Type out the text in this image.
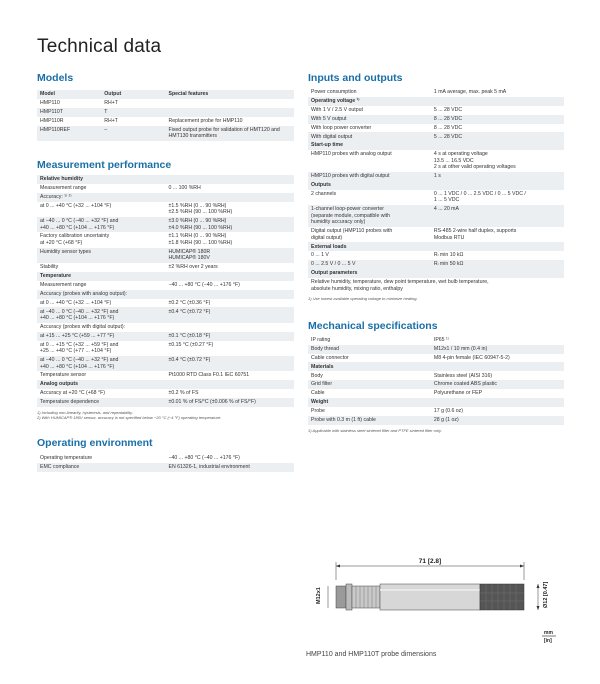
Technical data
Models
Model	Output	Special features
HMP110	RH+T	
HMP110T	T	
HMP110R	RH+T	Replacement probe for HMP110
HMP110REF	–	Fixed output probe for validation of HMT120 and HMT130 transmitters
Measurement performance
Relative humidity	
Measurement range	0 ... 100 %RH
Accuracy: ¹⁾ ²⁾	
at 0 ... +40 °C (+32 ... +104 °F)	±1.5 %RH (0 ... 90 %RH)
±2.5 %RH (90 ... 100 %RH)
at −40 ... 0 °C (−40 ... +32 °F) and
+40 ... +80 °C (+104 ... +176 °F)	±3.0 %RH (0 ... 90 %RH)
±4.0 %RH (90 ... 100 %RH)
Factory calibration uncertainty
at +20 °C (+68 °F)	±1.1 %RH (0 ... 90 %RH)
±1.8 %RH (90 ... 100 %RH)
Humidity sensor types	HUMICAP® 180R
HUMICAP® 180V
Stability	±2 %RH over 2 years
Temperature	
Measurement range	−40 ... +80 °C (−40 ... +176 °F)
Accuracy (probes with analog output):	
at 0 ... +40 °C (+32 ... +104 °F)	±0.2 °C (±0.36 °F)
at −40 ... 0 °C (−40 ... +32 °F) and
+40 ... +80 °C (+104 ... +176 °F)	±0.4 °C (±0.72 °F)
Accuracy (probes with digital output):	
at +15 ... +25 °C (+59 ... +77 °F)	±0.1 °C (±0.18 °F)
at 0 ... +15 °C (+32 ... +59 °F) and
+25 ... +40 °C (+77 ... +104 °F)	±0.15 °C (±0.27 °F)
at −40 ... 0 °C (−40 ... +32 °F) and
+40 ... +80 °C (+104 ... +176 °F)	±0.4 °C (±0.72 °F)
Temperature sensor	Pt1000 RTD Class F0.1 IEC 60751
Analog outputs	
Accuracy at +20 °C (+68 °F)	±0.2 % of FS
Temperature dependence	±0.01 % of FS/°C (±0.006 % of FS/°F)
1) Including non-linearity, hysteresis, and repeatability.
2) With HUMICAP® 180V sensor, accuracy is not specified below −20 °C (−4 °F) operating temperature.
Operating environment
Operating temperature	−40 ... +80 °C (−40 ... +176 °F)
EMC compliance	EN 61326-1, industrial environment
Inputs and outputs
Power consumption	1 mA average, max. peak 5 mA
Operating voltage ¹⁾	
With 1 V / 2.5 V output	5 ... 28 VDC
With 5 V output	8 ... 28 VDC
With loop power converter	8 ... 28 VDC
With digital output	5 ... 28 VDC
Start-up time	
HMP110 probes with analog output	4 s at operating voltage
13.5 ... 16.5 VDC
2 s at other valid operating voltages
HMP110 probes with digital output	1 s
Outputs	
2 channels	0 ... 1 VDC / 0 ... 2.5 VDC / 0 ... 5 VDC /
1 ... 5 VDC
1-channel loop-power converter
(separate module, compatible with
humidity accuracy only)	4 ... 20 mA
Digital output (HMP110 probes with
digital output)	RS-485 2-wire half duplex, supports
Modbus RTU
External loads	
0 ... 1 V	Rₗ min 10 kΩ
0 ... 2.5 V / 0 ... 5 V	Rₗ min 50 kΩ
Output parameters	
Relative humidity, temperature, dew point temperature, wet bulb temperature,
absolute humidity, mixing ratio, enthalpy	
1) Use lowest available operating voltage to minimize heating.
Mechanical specifications
IP rating	IP65 ¹⁾
Body thread	M12x1 / 10 mm (0.4 in)
Cable connector	M8 4-pin female (IEC 60947-5-2)
Materials	
Body	Stainless steel (AISI 316)
Grid filter	Chrome coated ABS plastic
Cable	Polyurethane or FEP
Weight	
Probe	17 g (0.6 oz)
Probe with 0.3 m (1 ft) cable	28 g (1 oz)
1) Applicable with stainless steel sintered filter and PTFE sintered filter only.
71 [2.8]
M12x1	Ø12 [0.47]
mm
[in]
HMP110 and HMP110T probe dimensions
